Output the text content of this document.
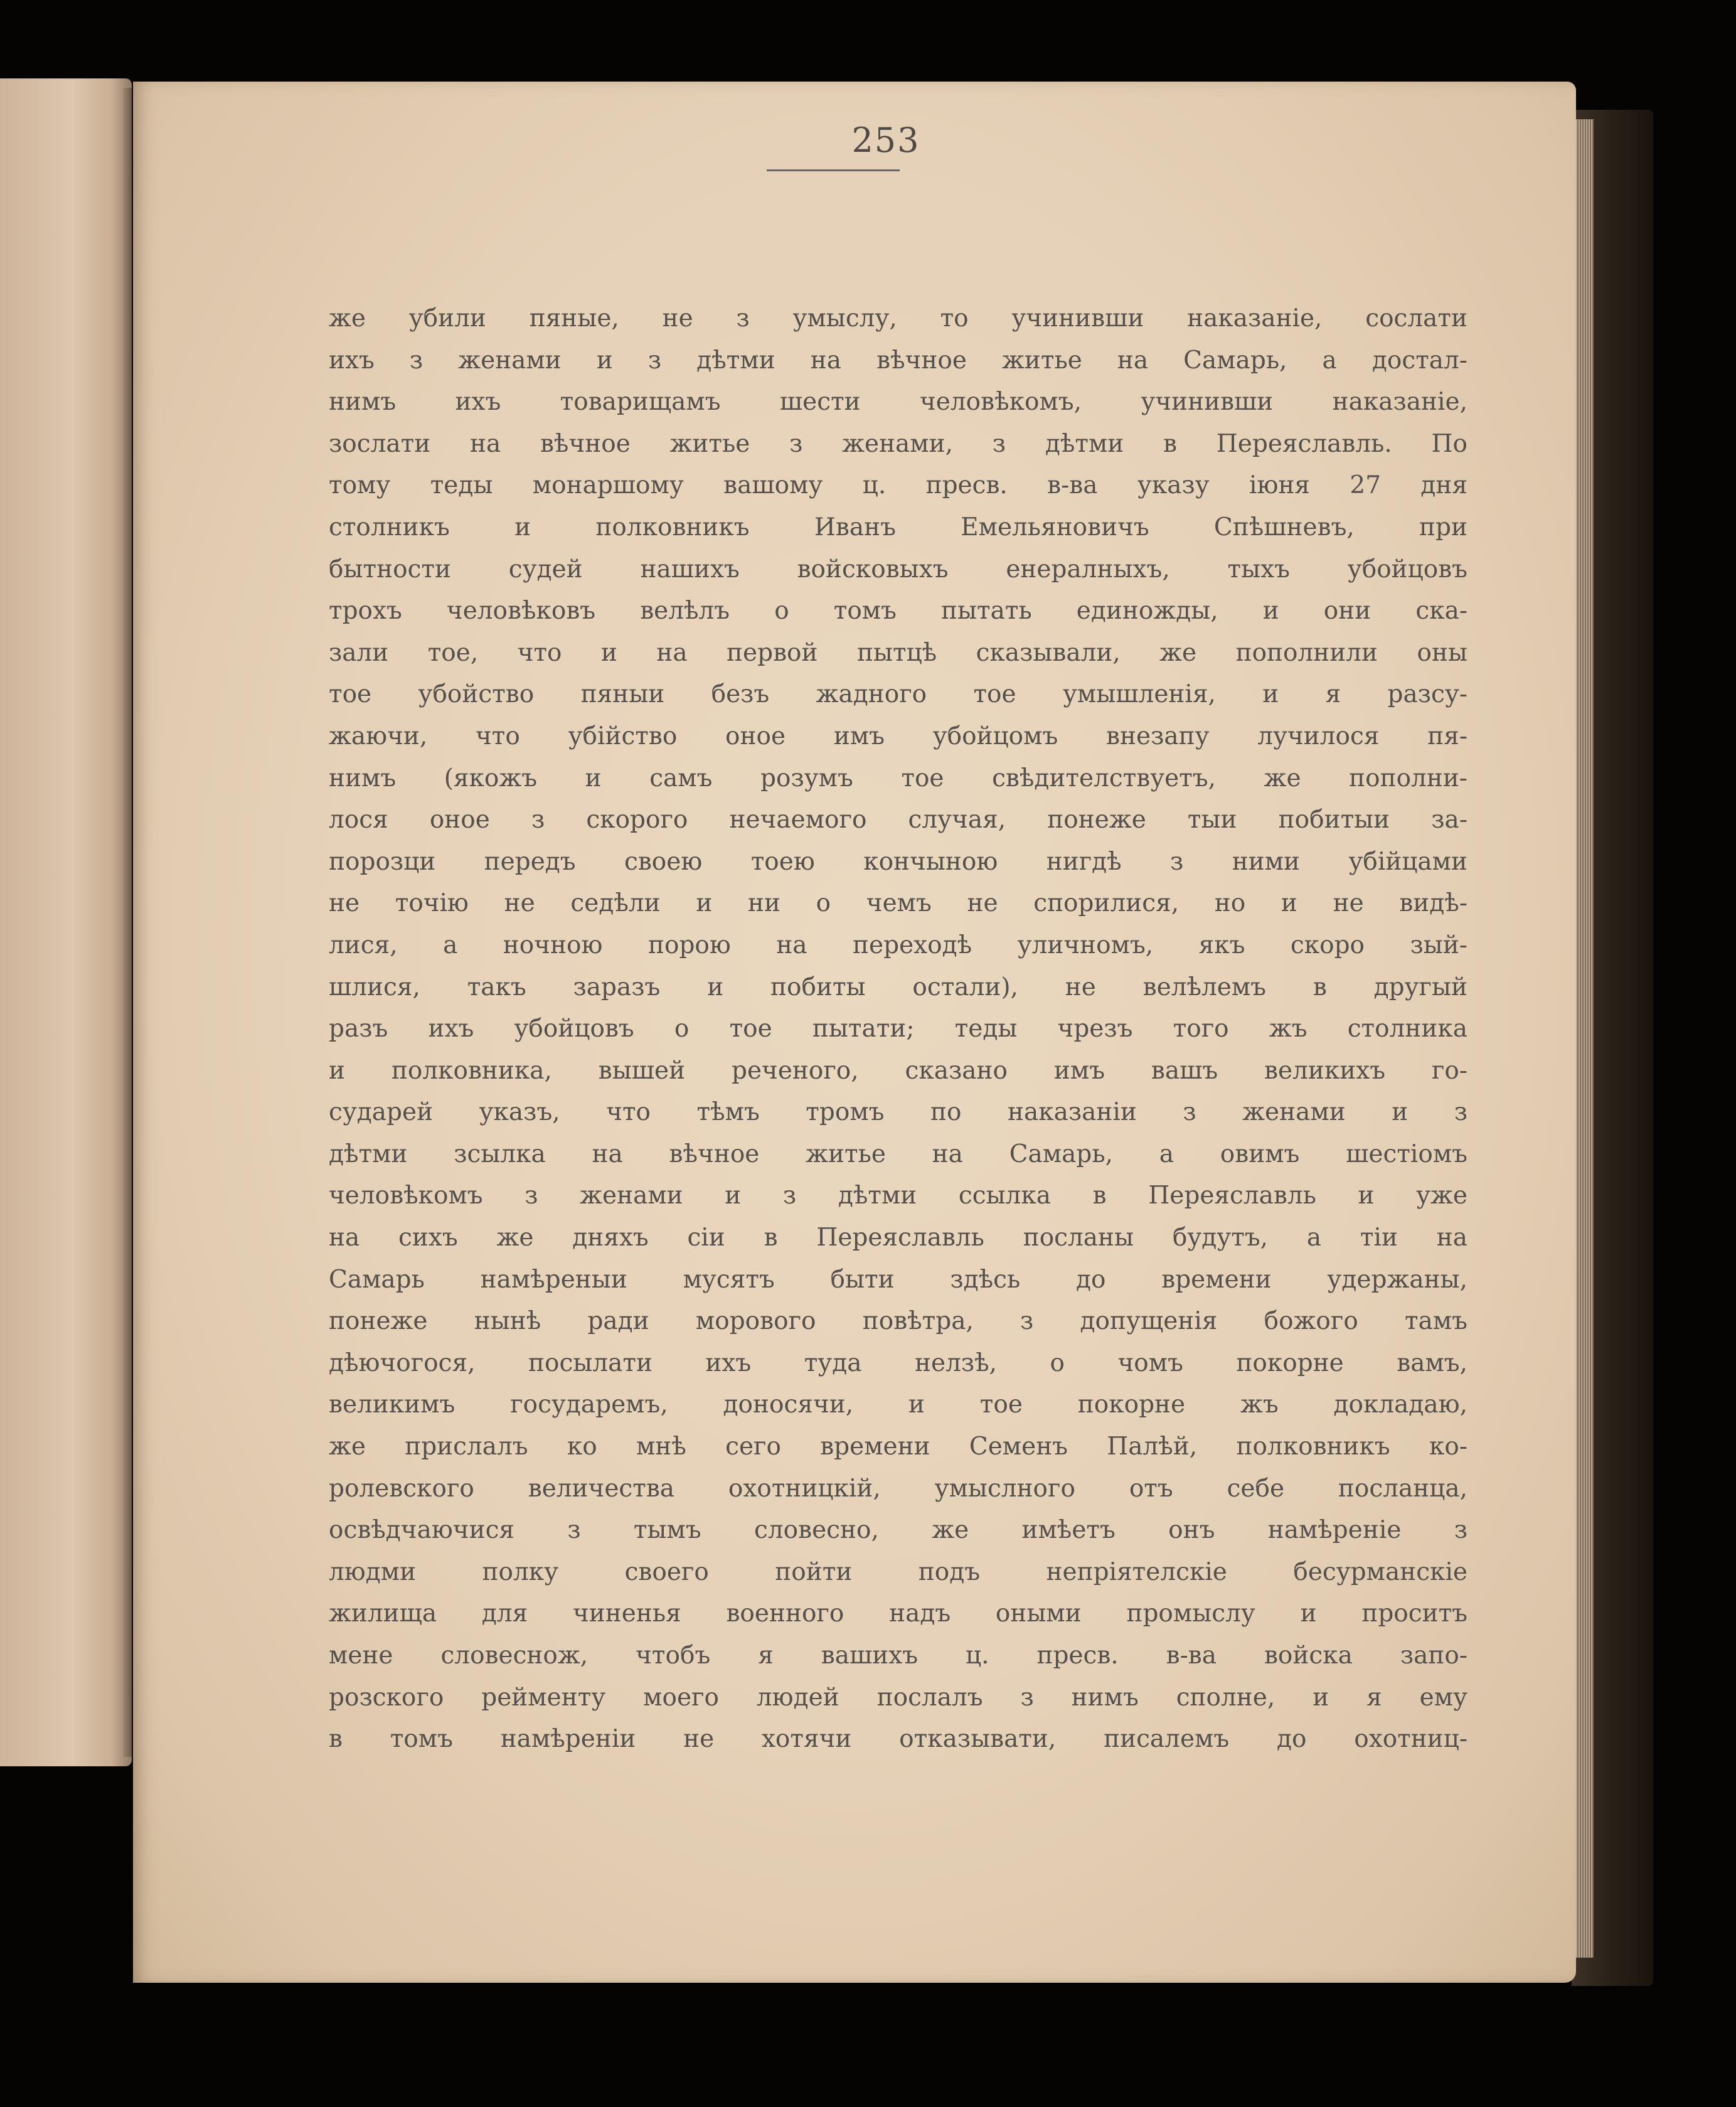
253
же убили пяные, не з умыслу, то учинивши наказаніе, сослати
ихъ з женами и з дѣтми на вѣчное житье на Самарь, а достал-
нимъ ихъ товарищамъ шести человѣкомъ, учинивши наказаніе,
зослати на вѣчное житье з женами, з дѣтми в Переяславль. По
тому теды монаршому вашому ц. пресв. в-ва указу іюня 27 дня
столникъ и полковникъ Иванъ Емельяновичъ Спѣшневъ, при
бытности судей нашихъ войсковыхъ енералныхъ, тыхъ убойцовъ
трохъ человѣковъ велѣлъ о томъ пытать единожды, и они ска-
зали тое, что и на первой пытцѣ сказывали, же пополнили оны
тое убойство пяныи безъ жадного тое умышленія, и я разсу-
жаючи, что убійство оное имъ убойцомъ внезапу лучилося пя-
нимъ (якожъ и самъ розумъ тое свѣдителствуетъ, же пополни-
лося оное з скорого нечаемого случая, понеже тыи побитыи за-
порозци передъ своею тоею кончыною нигдѣ з ними убійцами
не точію не седѣли и ни о чемъ не спорилися, но и не видѣ-
лися, а ночною порою на переходѣ уличномъ, якъ скоро зый-
шлися, такъ заразъ и побиты остали), не велѣлемъ в другый
разъ ихъ убойцовъ о тое пытати; теды чрезъ того жъ столника
и полковника, вышей реченого, сказано имъ вашъ великихъ го-
сударей указъ, что тѣмъ тромъ по наказаніи з женами и з
дѣтми зсылка на вѣчное житье на Самарь, а овимъ шестіомъ
человѣкомъ з женами и з дѣтми ссылка в Переяславль и уже
на сихъ же дняхъ сіи в Переяславль посланы будутъ, а тіи на
Самарь намѣреныи мусятъ быти здѣсь до времени удержаны,
понеже нынѣ ради морового повѣтра, з допущенія божого тамъ
дѣючогося, посылати ихъ туда нелзѣ, о чомъ покорне вамъ,
великимъ государемъ, доносячи, и тое покорне жъ докладаю,
же прислалъ ко мнѣ сего времени Семенъ Палѣй, полковникъ ко-
ролевского величества охотницкій, умыслного отъ себе посланца,
освѣдчаючися з тымъ словесно, же имѣетъ онъ намѣреніе з
людми полку своего пойти подъ непріятелскіе бесурманскіе
жилища для чиненья военного надъ оными промыслу и проситъ
мене словеснож, чтобъ я вашихъ ц. пресв. в-ва войска запо-
розского рейменту моего людей послалъ з нимъ сполне, и я ему
в томъ намѣреніи не хотячи отказывати, писалемъ до охотниц-
